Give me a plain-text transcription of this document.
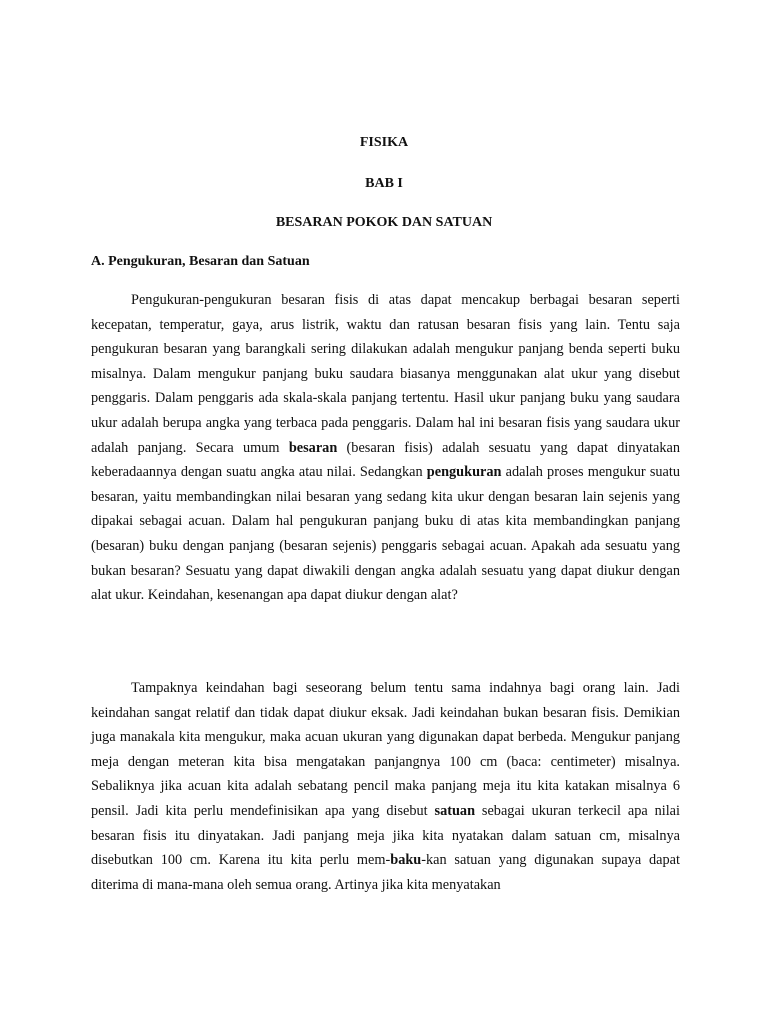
FISIKA
BAB I
BESARAN POKOK DAN SATUAN
A. Pengukuran, Besaran dan Satuan

Pengukuran-pengukuran besaran fisis di atas dapat mencakup berbagai besaran seperti kecepatan, temperatur, gaya, arus listrik, waktu dan ratusan besaran fisis yang lain. Tentu saja pengukuran besaran yang barangkali sering dilakukan adalah mengukur panjang benda seperti buku misalnya. Dalam mengukur panjang buku saudara biasanya menggunakan alat ukur yang disebut penggaris. Dalam penggaris ada skala-skala panjang tertentu. Hasil ukur panjang buku yang saudara ukur adalah berupa angka yang terbaca pada penggaris. Dalam hal ini besaran fisis yang saudara ukur adalah panjang. Secara umum besaran (besaran fisis) adalah sesuatu yang dapat dinyatakan keberadaannya dengan suatu angka atau nilai. Sedangkan pengukuran adalah proses mengukur suatu besaran, yaitu membandingkan nilai besaran yang sedang kita ukur dengan besaran lain sejenis yang dipakai sebagai acuan. Dalam hal pengukuran panjang buku di atas kita membandingkan panjang (besaran) buku dengan panjang (besaran sejenis) penggaris sebagai acuan. Apakah ada sesuatu yang bukan besaran? Sesuatu yang dapat diwakili dengan angka adalah sesuatu yang dapat diukur dengan alat ukur. Keindahan, kesenangan apa dapat diukur dengan alat?

Tampaknya keindahan bagi seseorang belum tentu sama indahnya bagi orang lain. Jadi keindahan sangat relatif dan tidak dapat diukur eksak. Jadi keindahan bukan besaran fisis. Demikian juga manakala kita mengukur, maka acuan ukuran yang digunakan dapat berbeda. Mengukur panjang meja dengan meteran kita bisa mengatakan panjangnya 100 cm (baca: centimeter) misalnya. Sebaliknya jika acuan kita adalah sebatang pencil maka panjang meja itu kita katakan misalnya 6 pensil. Jadi kita perlu mendefinisikan apa yang disebut satuan sebagai ukuran terkecil apa nilai besaran fisis itu dinyatakan. Jadi panjang meja jika kita nyatakan dalam satuan cm, misalnya disebutkan 100 cm. Karena itu kita perlu mem-baku-kan satuan yang digunakan supaya dapat diterima di mana-mana oleh semua orang. Artinya jika kita menyatakan
